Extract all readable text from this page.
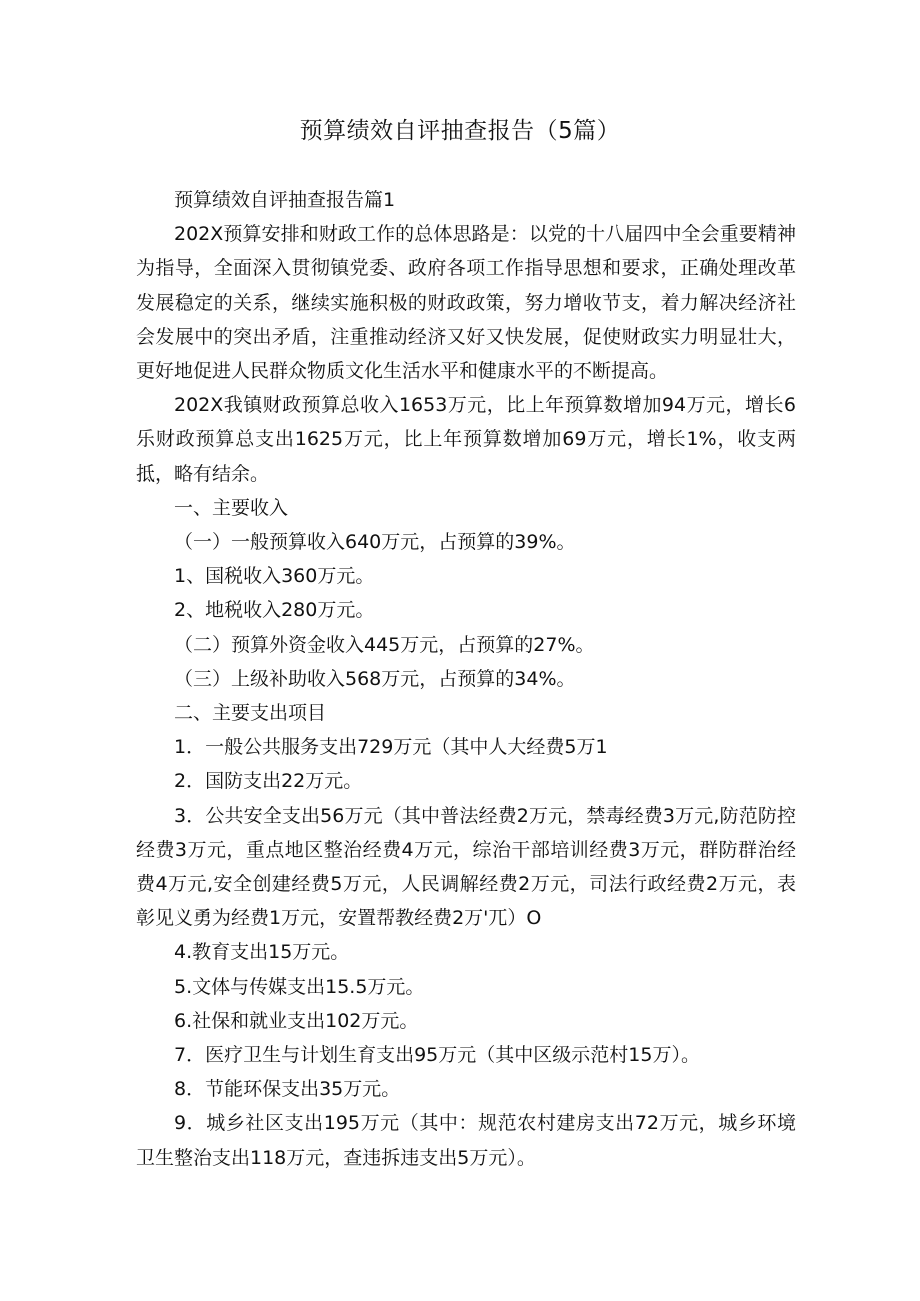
预算绩效自评抽查报告（5篇）

预算绩效自评抽查报告篇1

202X预算安排和财政工作的总体思路是：以党的十八届四中全会重要精神为指导，全面深入贯彻镇党委、政府各项工作指导思想和要求，正确处理改革发展稳定的关系，继续实施积极的财政政策，努力增收节支，着力解决经济社会发展中的突出矛盾，注重推动经济又好又快发展，促使财政实力明显壮大，更好地促进人民群众物质文化生活水平和健康水平的不断提高。

202X我镇财政预算总收入1653万元，比上年预算数增加94万元，增长6乐财政预算总支出1625万元，比上年预算数增加69万元，增长1%，收支两抵，略有结余。

一、主要收入

（一）一般预算收入640万元，占预算的39%。

1、国税收入360万元。

2、地税收入280万元。

（二）预算外资金收入445万元，占预算的27%。

（三）上级补助收入568万元，占预算的34%。

二、主要支出项目

1．一般公共服务支出729万元（其中人大经费5万1

2．国防支出22万元。

3．公共安全支出56万元（其中普法经费2万元，禁毒经费3万元,防范防控经费3万元，重点地区整治经费4万元，综治干部培训经费3万元，群防群治经费4万元,安全创建经费5万元，人民调解经费2万元，司法行政经费2万元，表彰见义勇为经费1万元，安置帮教经费2万'兀）O

4.教育支出15万元。

5.文体与传媒支出15.5万元。

6.社保和就业支出102万元。

7．医疗卫生与计划生育支出95万元（其中区级示范村15万）。

8．节能环保支出35万元。

9．城乡社区支出195万元（其中：规范农村建房支出72万元，城乡环境卫生整治支出118万元，查违拆违支出5万元）。
